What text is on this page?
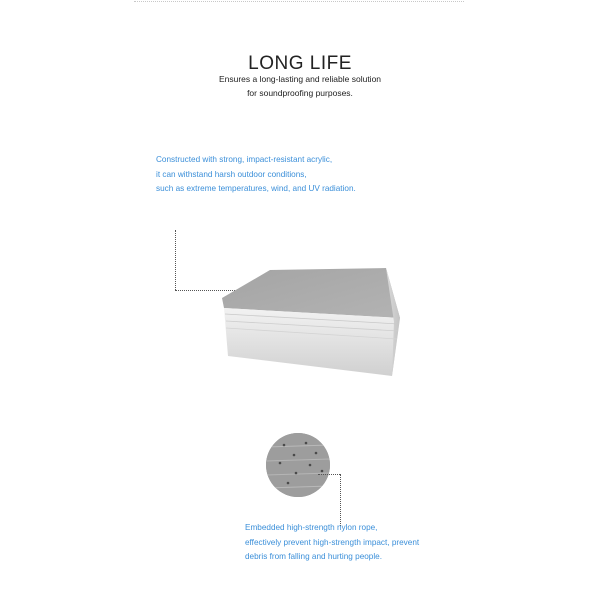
LONG LIFE
Ensures a long-lasting and reliable solution
for soundproofing purposes.
Constructed with strong, impact-resistant acrylic,
it can withstand harsh outdoor conditions,
such as extreme temperatures, wind, and UV radiation.
Embedded high-strength nylon rope,
effectively prevent high-strength impact, prevent
debris from falling and hurting people.
